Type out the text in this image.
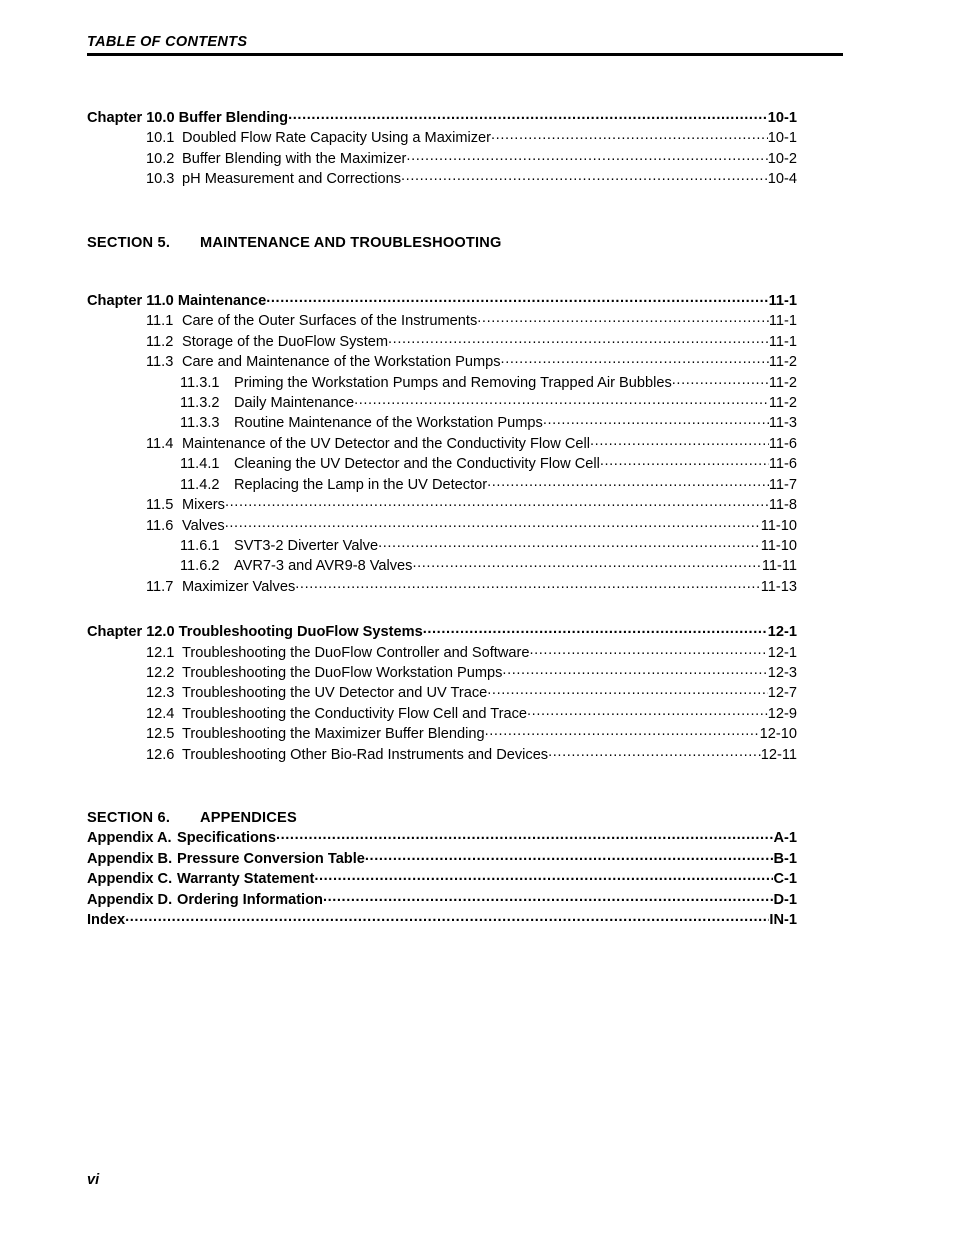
TABLE OF CONTENTS
Chapter 10.0 Buffer Blending .....	10-1
10.1 Doubled Flow Rate Capacity Using a Maximizer .....	10-1
10.2 Buffer Blending with the Maximizer .....	10-2
10.3 pH Measurement and Corrections .....	10-4
SECTION 5. MAINTENANCE AND TROUBLESHOOTING
Chapter 11.0 Maintenance .....	11-1
11.1 Care of the Outer Surfaces of the Instruments .....	11-1
11.2 Storage of the DuoFlow System .....	11-1
11.3 Care and Maintenance of the Workstation Pumps .....	11-2
11.3.1 Priming the Workstation Pumps and Removing Trapped Air Bubbles .....	11-2
11.3.2 Daily Maintenance .....	11-2
11.3.3 Routine Maintenance of the Workstation Pumps .....	11-3
11.4 Maintenance of the UV Detector and the Conductivity Flow Cell .....	11-6
11.4.1 Cleaning the UV Detector and the Conductivity Flow Cell .....	11-6
11.4.2 Replacing the Lamp in the UV Detector .....	11-7
11.5 Mixers .....	11-8
11.6 Valves .....	11-10
11.6.1 SVT3-2 Diverter Valve .....	11-10
11.6.2 AVR7-3 and AVR9-8 Valves .....	11-11
11.7 Maximizer Valves .....	11-13
Chapter 12.0 Troubleshooting DuoFlow Systems .....	12-1
12.1 Troubleshooting the DuoFlow Controller and Software .....	12-1
12.2 Troubleshooting the DuoFlow Workstation Pumps .....	12-3
12.3 Troubleshooting the UV Detector and UV Trace .....	12-7
12.4 Troubleshooting the Conductivity Flow Cell and Trace .....	12-9
12.5 Troubleshooting the Maximizer Buffer Blending .....	12-10
12.6 Troubleshooting Other Bio-Rad Instruments and Devices .....	12-11
SECTION 6. APPENDICES
Appendix A. Specifications .....	A-1
Appendix B. Pressure Conversion Table .....	B-1
Appendix C. Warranty Statement .....	C-1
Appendix D. Ordering Information .....	D-1
Index .....	IN-1
vi
